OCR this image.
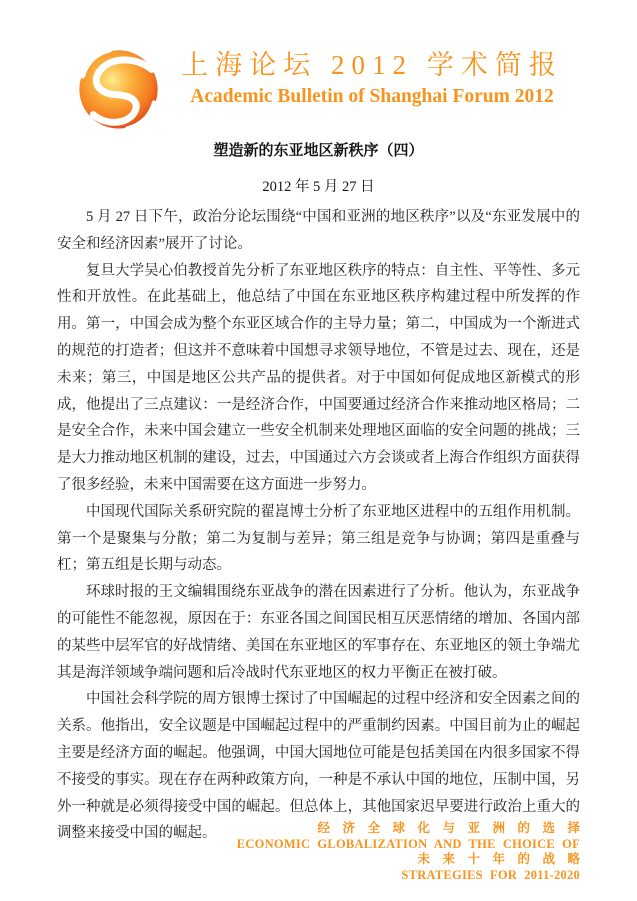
上海论坛 2012 学术简报
Academic Bulletin of Shanghai Forum 2012
塑造新的东亚地区新秩序（四）
2012 年 5 月 27 日

5 月 27 日下午，政治分论坛围绕“中国和亚洲的地区秩序”以及“东亚发展中的安全和经济因素”展开了讨论。

复旦大学吴心伯教授首先分析了东亚地区秩序的特点：自主性、平等性、多元性和开放性。在此基础上，他总结了中国在东亚地区秩序构建过程中所发挥的作用。第一，中国会成为整个东亚区域合作的主导力量；第二，中国成为一个渐进式的规范的打造者；但这并不意味着中国想寻求领导地位，不管是过去、现在，还是未来；第三，中国是地区公共产品的提供者。对于中国如何促成地区新模式的形成，他提出了三点建议：一是经济合作，中国要通过经济合作来推动地区格局；二是安全合作，未来中国会建立一些安全机制来处理地区面临的安全问题的挑战；三是大力推动地区机制的建设，过去，中国通过六方会谈或者上海合作组织方面获得了很多经验，未来中国需要在这方面进一步努力。

中国现代国际关系研究院的翟崑博士分析了东亚地区进程中的五组作用机制。第一个是聚集与分散；第二为复制与差异；第三组是竞争与协调；第四是重叠与杠；第五组是长期与动态。

环球时报的王文编辑围绕东亚战争的潜在因素进行了分析。他认为，东亚战争的可能性不能忽视，原因在于：东亚各国之间国民相互厌恶情绪的增加、各国内部的某些中层军官的好战情绪、美国在东亚地区的军事存在、东亚地区的领土争端尤其是海洋领域争端问题和后冷战时代东亚地区的权力平衡正在被打破。

中国社会科学院的周方银博士探讨了中国崛起的过程中经济和安全因素之间的关系。他指出，安全议题是中国崛起过程中的严重制约因素。中国目前为止的崛起主要是经济方面的崛起。他强调，中国大国地位可能是包括美国在内很多国家不得不接受的事实。现在存在两种政策方向，一种是不承认中国的地位，压制中国，另外一种就是必须得接受中国的崛起。但总体上，其他国家迟早要进行政治上重大的调整来接受中国的崛起。	经济全球化与亚洲的选择
ECONOMIC GLOBALIZATION AND THE CHOICE OF
未来十年的战略
STRATEGIES FOR 2011-2020
